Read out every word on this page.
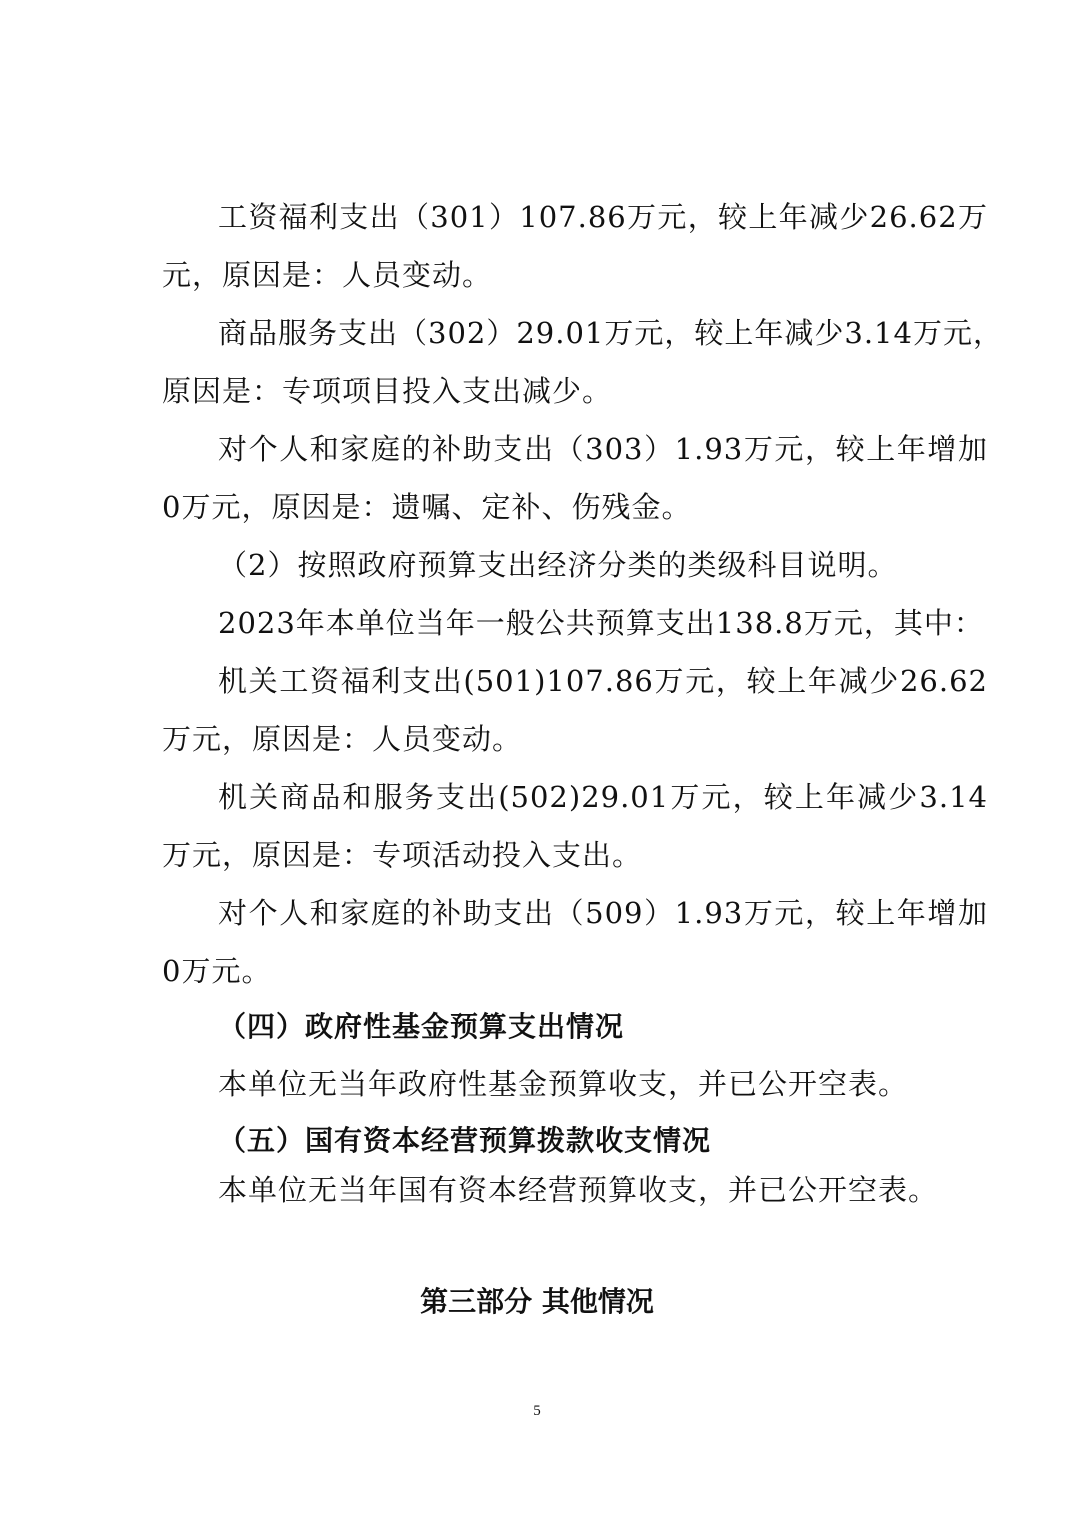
工资福利支出（301）107.86万元，较上年减少26.62万
元，原因是：人员变动。
商品服务支出（302）29.01万元，较上年减少3.14万元，
原因是：专项项目投入支出减少。
对个人和家庭的补助支出（303）1.93万元，较上年增加
0万元，原因是：遗嘱、定补、伤残金。
（2）按照政府预算支出经济分类的类级科目说明。
2023年本单位当年一般公共预算支出138.8万元，其中：
机关工资福利支出(501)107.86万元，较上年减少26.62
万元，原因是：人员变动。
机关商品和服务支出(502)29.01万元，较上年减少3.14
万元，原因是：专项活动投入支出。
对个人和家庭的补助支出（509）1.93万元，较上年增加
0万元。
（四）政府性基金预算支出情况
本单位无当年政府性基金预算收支，并已公开空表。
（五）国有资本经营预算拨款收支情况
本单位无当年国有资本经营预算收支，并已公开空表。
第三部分 其他情况
5
